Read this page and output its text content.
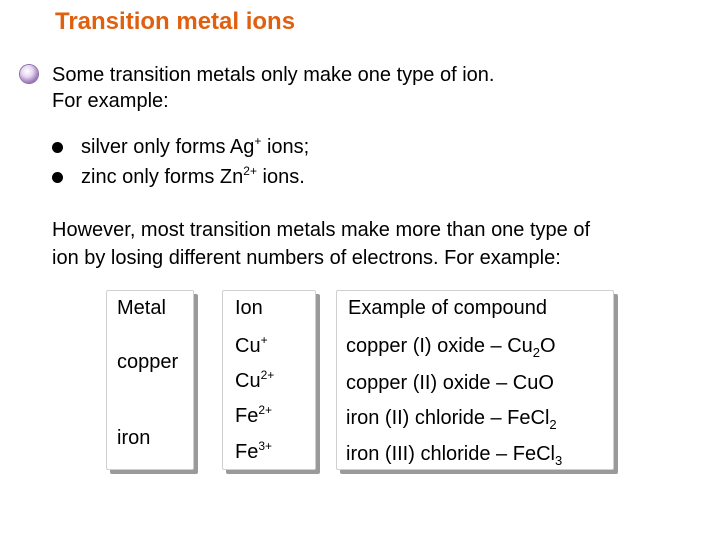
Transition metal ions
Some transition metals only make one type of ion.
For example:
silver only forms Ag+ ions;
zinc only forms $Zn^{2+}$ ions.
However, most transition metals make more than one type of
ion by losing different numbers of electrons. For example:
Metal
copper
iron
Ion
Cu+
$Cu^{2+}$
$Fe^{2+}$
$Fe^{3+}$
Example of compound
copper (I) oxide – $Cu_2O$
copper (II) oxide – CuO
iron (II) chloride – FeCl$_2$
iron (III) chloride – FeCl$_3$
